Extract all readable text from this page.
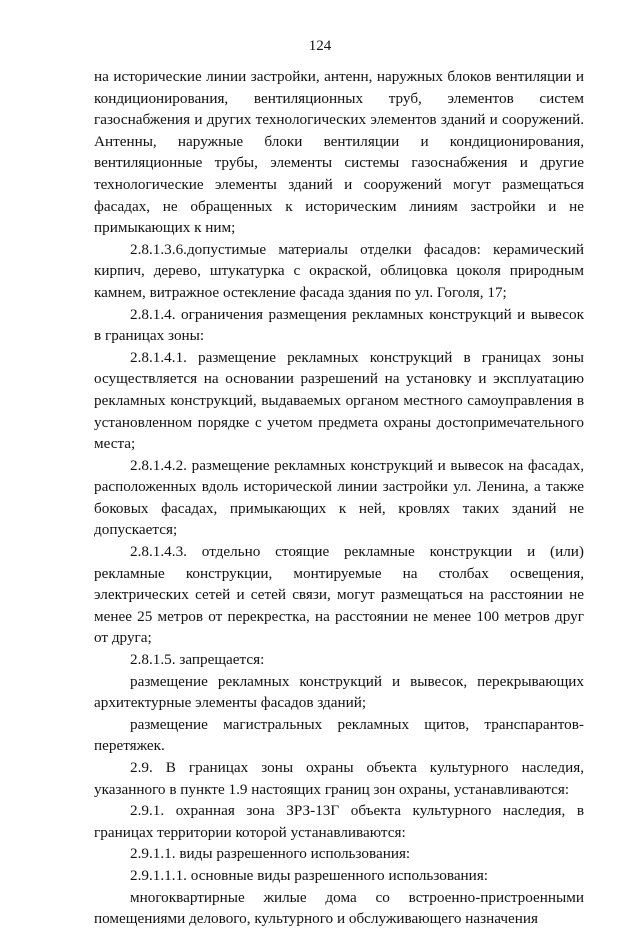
124

на исторические линии застройки, антенн, наружных блоков вентиляции и кондиционирования, вентиляционных труб, элементов систем газоснабжения и других технологических элементов зданий и сооружений. Антенны, наружные блоки вентиляции и кондиционирования, вентиляционные трубы, элементы системы газоснабжения и другие технологические элементы зданий и сооружений могут размещаться фасадах, не обращенных к историческим линиям застройки и не примыкающих к ним;

2.8.1.3.6.допустимые материалы отделки фасадов: керамический кирпич, дерево, штукатурка с окраской, облицовка цоколя природным камнем, витражное остекление фасада здания по ул. Гоголя, 17;

2.8.1.4. ограничения размещения рекламных конструкций и вывесок в границах зоны:

2.8.1.4.1. размещение рекламных конструкций в границах зоны осуществляется на основании разрешений на установку и эксплуатацию рекламных конструкций, выдаваемых органом местного самоуправления в установленном порядке с учетом предмета охраны достопримечательного места;

2.8.1.4.2. размещение рекламных конструкций и вывесок на фасадах, расположенных вдоль исторической линии застройки ул. Ленина, а также боковых фасадах, примыкающих к ней, кровлях таких зданий не допускается;

2.8.1.4.3. отдельно стоящие рекламные конструкции и (или) рекламные конструкции, монтируемые на столбах освещения, электрических сетей и сетей связи, могут размещаться на расстоянии не менее 25 метров от перекрестка, на расстоянии не менее 100 метров друг от друга;

2.8.1.5. запрещается:

размещение рекламных конструкций и вывесок, перекрывающих архитектурные элементы фасадов зданий;

размещение магистральных рекламных щитов, транспарантов-перетяжек.

2.9. В границах зоны охраны объекта культурного наследия, указанного в пункте 1.9 настоящих границ зон охраны, устанавливаются:

2.9.1. охранная зона ЗРЗ-13Г объекта культурного наследия, в границах территории которой устанавливаются:

2.9.1.1. виды разрешенного использования:

2.9.1.1.1. основные виды разрешенного использования:

многоквартирные жилые дома со встроенно-пристроенными помещениями делового, культурного и обслуживающего назначения
